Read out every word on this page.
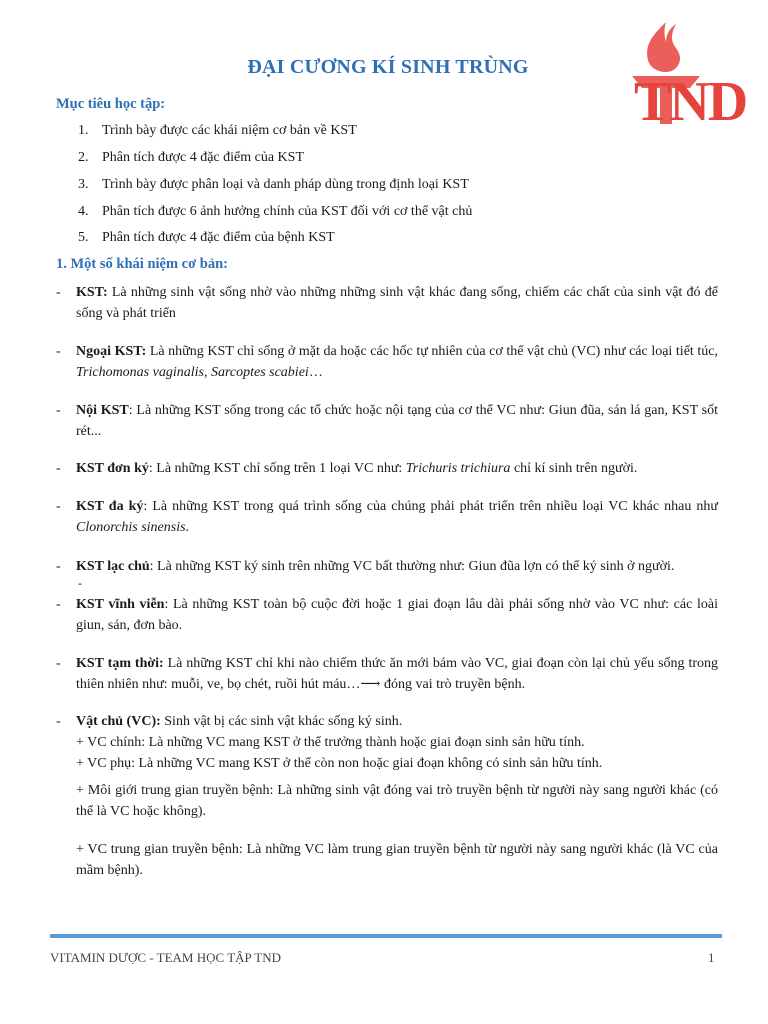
TND
ĐẠI CƯƠNG KÍ SINH TRÙNG
Mục tiêu học tập:
1. Trình bày được các khái niệm cơ bản về KST
2. Phân tích được 4 đặc điểm của KST
3. Trình bày được phân loại và danh pháp dùng trong định loại KST
4. Phân tích được 6 ảnh hưởng chính của KST đối với cơ thể vật chủ
5. Phân tích được 4 đặc điểm của bệnh KST
1. Một số khái niệm cơ bản:
- KST: Là những sinh vật sống nhờ vào những những sinh vật khác đang sống, chiếm các chất của sinh vật đó để sống và phát triển
- Ngoại KST: Là những KST chỉ sống ở mặt da hoặc các hốc tự nhiên của cơ thể vật chủ (VC) như các loại tiết túc, Trichomonas vaginalis, Sarcoptes scabiei…
- Nội KST: Là những KST sống trong các tổ chức hoặc nội tạng của cơ thể VC như: Giun đũa, sán lá gan, KST sốt rét...
- KST đơn ký: Là những KST chỉ sống trên 1 loại VC như: Trichuris trichiura chỉ kí sinh trên người.
- KST đa ký: Là những KST trong quá trình sống của chúng phải phát triển trên nhiều loại VC khác nhau như Clonorchis sinensis.
- KST lạc chủ: Là những KST ký sinh trên những VC bất thường như: Giun đũa lợn có thể ký sinh ở người.
-
- KST vĩnh viễn: Là những KST toàn bộ cuộc đời hoặc 1 giai đoạn lâu dài phải sống nhờ vào VC như: các loài giun, sán, đơn bào.
- KST tạm thời: Là những KST chỉ khi nào chiếm thức ăn mới bám vào VC, giai đoạn còn lại chủ yếu sống trong thiên nhiên như: muỗi, ve, bọ chét, ruồi hút máu…⟶ đóng vai trò truyền bệnh.
- Vật chủ (VC): Sinh vật bị các sinh vật khác sống ký sinh.
+ VC chính: Là những VC mang KST ở thể trưởng thành hoặc giai đoạn sinh sản hữu tính.
+ VC phụ: Là những VC mang KST ở thể còn non hoặc giai đoạn không có sinh sản hữu tính.
+ Môi giới trung gian truyền bệnh: Là những sinh vật đóng vai trò truyền bệnh từ người này sang người khác (có thể là VC hoặc không).
+ VC trung gian truyền bệnh: Là những VC làm trung gian truyền bệnh từ người này sang người khác (là VC của mầm bệnh).
VITAMIN DƯỢC - TEAM HỌC TẬP TND	1
